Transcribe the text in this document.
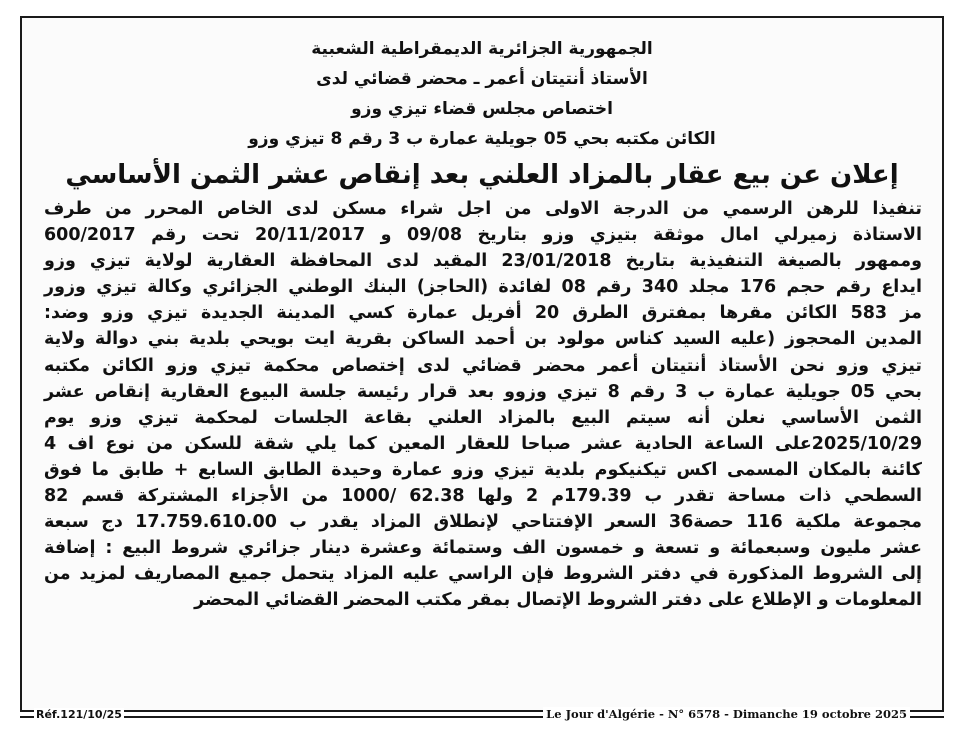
الجمهورية الجزائرية الديمقراطية الشعبية
الأستاذ أنتيتان أعمر ـ محضر قضائي لدى
اختصاص مجلس قضاء تيزي وزو
الكائن مكتبه بحي 05 جويلية عمارة ب 3 رقم 8 تيزي وزو
إعلان عن بيع عقار بالمزاد العلني بعد إنقاص عشر الثمن الأساسي

تنفيذا للرهن الرسمي من الدرجة الاولى من اجل شراء مسكن لدى الخاص المحرر من طرف

الاستاذة زميرلي امال موثقة بتيزي وزو بتاريخ 09/08 و 20/11/2017 تحت رقم 600/2017

وممهور بالصيغة التنفيذية بتاريخ 23/01/2018 المقيد لدى المحافظة العقارية لولاية تيزي وزو

ايداع رقم حجم 176 مجلد 340 رقم 08 لفائدة (الحاجز) البنك الوطني الجزائري وكالة تيزي وزور

مز 583 الكائن مقرها بمفترق الطرق 20 أفريل عمارة كسي المدينة الجديدة تيزي وزو وضد:

المدين المحجوز (عليه السيد كناس مولود بن أحمد الساكن بقرية ايت بويحي بلدية بني دوالة ولاية

تيزي وزو نحن الأستاذ أنتيتان أعمر محضر قضائي لدى إختصاص محكمة تيزي وزو الكائن مكتبه

بحي 05 جويلية عمارة ب 3 رقم 8 تيزي وزوو بعد قرار رئيسة جلسة البيوع العقارية إنقاص عشر

الثمن الأساسي نعلن أنه سيتم البيع بالمزاد العلني بقاعة الجلسات لمحكمة تيزي وزو يوم

2025/10/29على الساعة الحادية عشر صباحا للعقار المعين كما يلي شقة للسكن من نوع اف 4

كائنة بالمكان المسمى اكس تيكنيكوم بلدية تيزي وزو عمارة وحيدة الطابق السابع + طابق ما فوق

السطحي ذات مساحة تقدر ب 179.39م 2 ولها 62.38 /1000 من الأجزاء المشتركة قسم 82

مجموعة ملكية 116 حصة36 السعر الإفتتاحي لإنطلاق المزاد يقدر ب 17.759.610.00 دج سبعة

عشر مليون وسبعمائة و تسعة و خمسون الف وستمائة وعشرة دينار جزائري شروط البيع : إضافة

إلى الشروط المذكورة في دفتر الشروط فإن الراسي عليه المزاد يتحمل جميع المصاريف لمزيد من

المعلومات و الإطلاع على دفتر الشروط الإتصال بمقر مكتب المحضر القضائي المحضر

Réf.121/10/25	Le Jour d'Algérie - N° 6578 - Dimanche 19 octobre 2025
